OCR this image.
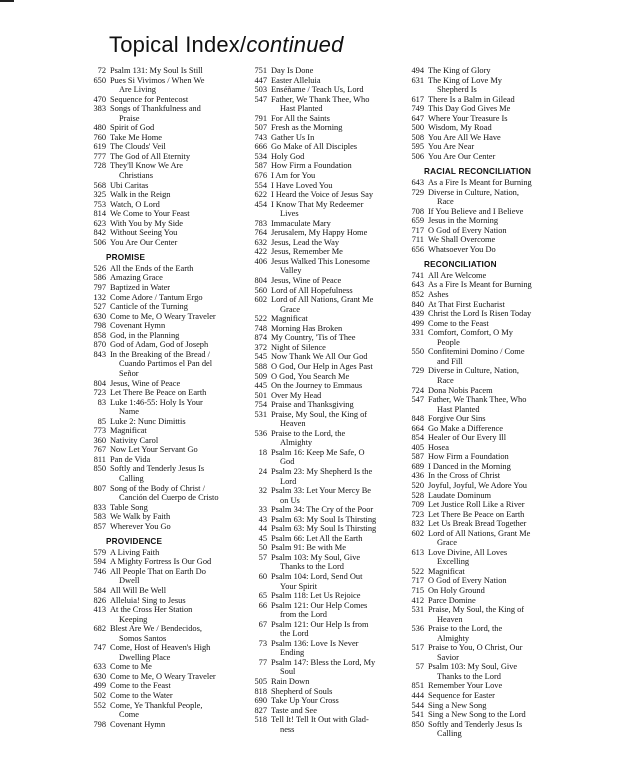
Topical Index/continued
72 Psalm 131: My Soul Is Still
650 Pues Si Vivimos / When We
Are Living
470 Sequence for Pentecost
383 Songs of Thankfulness and
Praise
480 Spirit of God
760 Take Me Home
619 The Clouds' Veil
777 The God of All Eternity
728 They'll Know We Are
Christians
568 Ubi Caritas
325 Walk in the Reign
753 Watch, O Lord
814 We Come to Your Feast
623 With You by My Side
842 Without Seeing You
506 You Are Our Center
PROMISE
526 All the Ends of the Earth
586 Amazing Grace
797 Baptized in Water
132 Come Adore / Tantum Ergo
527 Canticle of the Turning
630 Come to Me, O Weary Traveler
798 Covenant Hymn
858 God, in the Planning
870 God of Adam, God of Joseph
843 In the Breaking of the Bread /
Cuando Partimos el Pan del
Señor
804 Jesus, Wine of Peace
723 Let There Be Peace on Earth
83 Luke 1:46-55: Holy Is Your
Name
85 Luke 2: Nunc Dimittis
773 Magnificat
360 Nativity Carol
767 Now Let Your Servant Go
811 Pan de Vida
850 Softly and Tenderly Jesus Is
Calling
807 Song of the Body of Christ /
Canción del Cuerpo de Cristo
833 Table Song
583 We Walk by Faith
857 Wherever You Go
PROVIDENCE
579 A Living Faith
594 A Mighty Fortress Is Our God
746 All People That on Earth Do
Dwell
584 All Will Be Well
826 Alleluia! Sing to Jesus
413 At the Cross Her Station
Keeping
682 Blest Are We / Bendecidos,
Somos Santos
747 Come, Host of Heaven's High
Dwelling Place
633 Come to Me
630 Come to Me, O Weary Traveler
499 Come to the Feast
502 Come to the Water
552 Come, Ye Thankful People,
Come
798 Covenant Hymn
751 Day Is Done
447 Easter Alleluia
503 Enséñame / Teach Us, Lord
547 Father, We Thank Thee, Who
Hast Planted
791 For All the Saints
507 Fresh as the Morning
743 Gather Us In
666 Go Make of All Disciples
534 Holy God
587 How Firm a Foundation
676 I Am for You
554 I Have Loved You
622 I Heard the Voice of Jesus Say
454 I Know That My Redeemer
Lives
783 Immaculate Mary
764 Jerusalem, My Happy Home
632 Jesus, Lead the Way
422 Jesus, Remember Me
406 Jesus Walked This Lonesome
Valley
804 Jesus, Wine of Peace
560 Lord of All Hopefulness
602 Lord of All Nations, Grant Me
Grace
522 Magnificat
748 Morning Has Broken
874 My Country, 'Tis of Thee
372 Night of Silence
545 Now Thank We All Our God
588 O God, Our Help in Ages Past
509 O God, You Search Me
445 On the Journey to Emmaus
501 Over My Head
754 Praise and Thanksgiving
531 Praise, My Soul, the King of
Heaven
536 Praise to the Lord, the
Almighty
18 Psalm 16: Keep Me Safe, O
God
24 Psalm 23: My Shepherd Is the
Lord
32 Psalm 33: Let Your Mercy Be
on Us
33 Psalm 34: The Cry of the Poor
43 Psalm 63: My Soul Is Thirsting
44 Psalm 63: My Soul Is Thirsting
45 Psalm 66: Let All the Earth
50 Psalm 91: Be with Me
57 Psalm 103: My Soul, Give
Thanks to the Lord
60 Psalm 104: Lord, Send Out
Your Spirit
65 Psalm 118: Let Us Rejoice
66 Psalm 121: Our Help Comes
from the Lord
67 Psalm 121: Our Help Is from
the Lord
73 Psalm 136: Love Is Never
Ending
77 Psalm 147: Bless the Lord, My
Soul
505 Rain Down
818 Shepherd of Souls
690 Take Up Your Cross
827 Taste and See
518 Tell It! Tell It Out with Glad-
ness
494 The King of Glory
631 The King of Love My
Shepherd Is
617 There Is a Balm in Gilead
749 This Day God Gives Me
647 Where Your Treasure Is
500 Wisdom, My Road
508 You Are All We Have
595 You Are Near
506 You Are Our Center
RACIAL RECONCILIATION
643 As a Fire Is Meant for Burning
729 Diverse in Culture, Nation,
Race
708 If You Believe and I Believe
659 Jesus in the Morning
717 O God of Every Nation
711 We Shall Overcome
656 Whatsoever You Do
RECONCILIATION
741 All Are Welcome
643 As a Fire Is Meant for Burning
852 Ashes
840 At That First Eucharist
439 Christ the Lord Is Risen Today
499 Come to the Feast
331 Comfort, Comfort, O My
People
550 Confitemini Domino / Come
and Fill
729 Diverse in Culture, Nation,
Race
724 Dona Nobis Pacem
547 Father, We Thank Thee, Who
Hast Planted
848 Forgive Our Sins
664 Go Make a Difference
854 Healer of Our Every Ill
405 Hosea
587 How Firm a Foundation
689 I Danced in the Morning
436 In the Cross of Christ
520 Joyful, Joyful, We Adore You
528 Laudate Dominum
709 Let Justice Roll Like a River
723 Let There Be Peace on Earth
832 Let Us Break Bread Together
602 Lord of All Nations, Grant Me
Grace
613 Love Divine, All Loves
Excelling
522 Magnificat
717 O God of Every Nation
715 On Holy Ground
412 Parce Domine
531 Praise, My Soul, the King of
Heaven
536 Praise to the Lord, the
Almighty
517 Praise to You, O Christ, Our
Savior
57 Psalm 103: My Soul, Give
Thanks to the Lord
851 Remember Your Love
444 Sequence for Easter
544 Sing a New Song
541 Sing a New Song to the Lord
850 Softly and Tenderly Jesus Is
Calling
